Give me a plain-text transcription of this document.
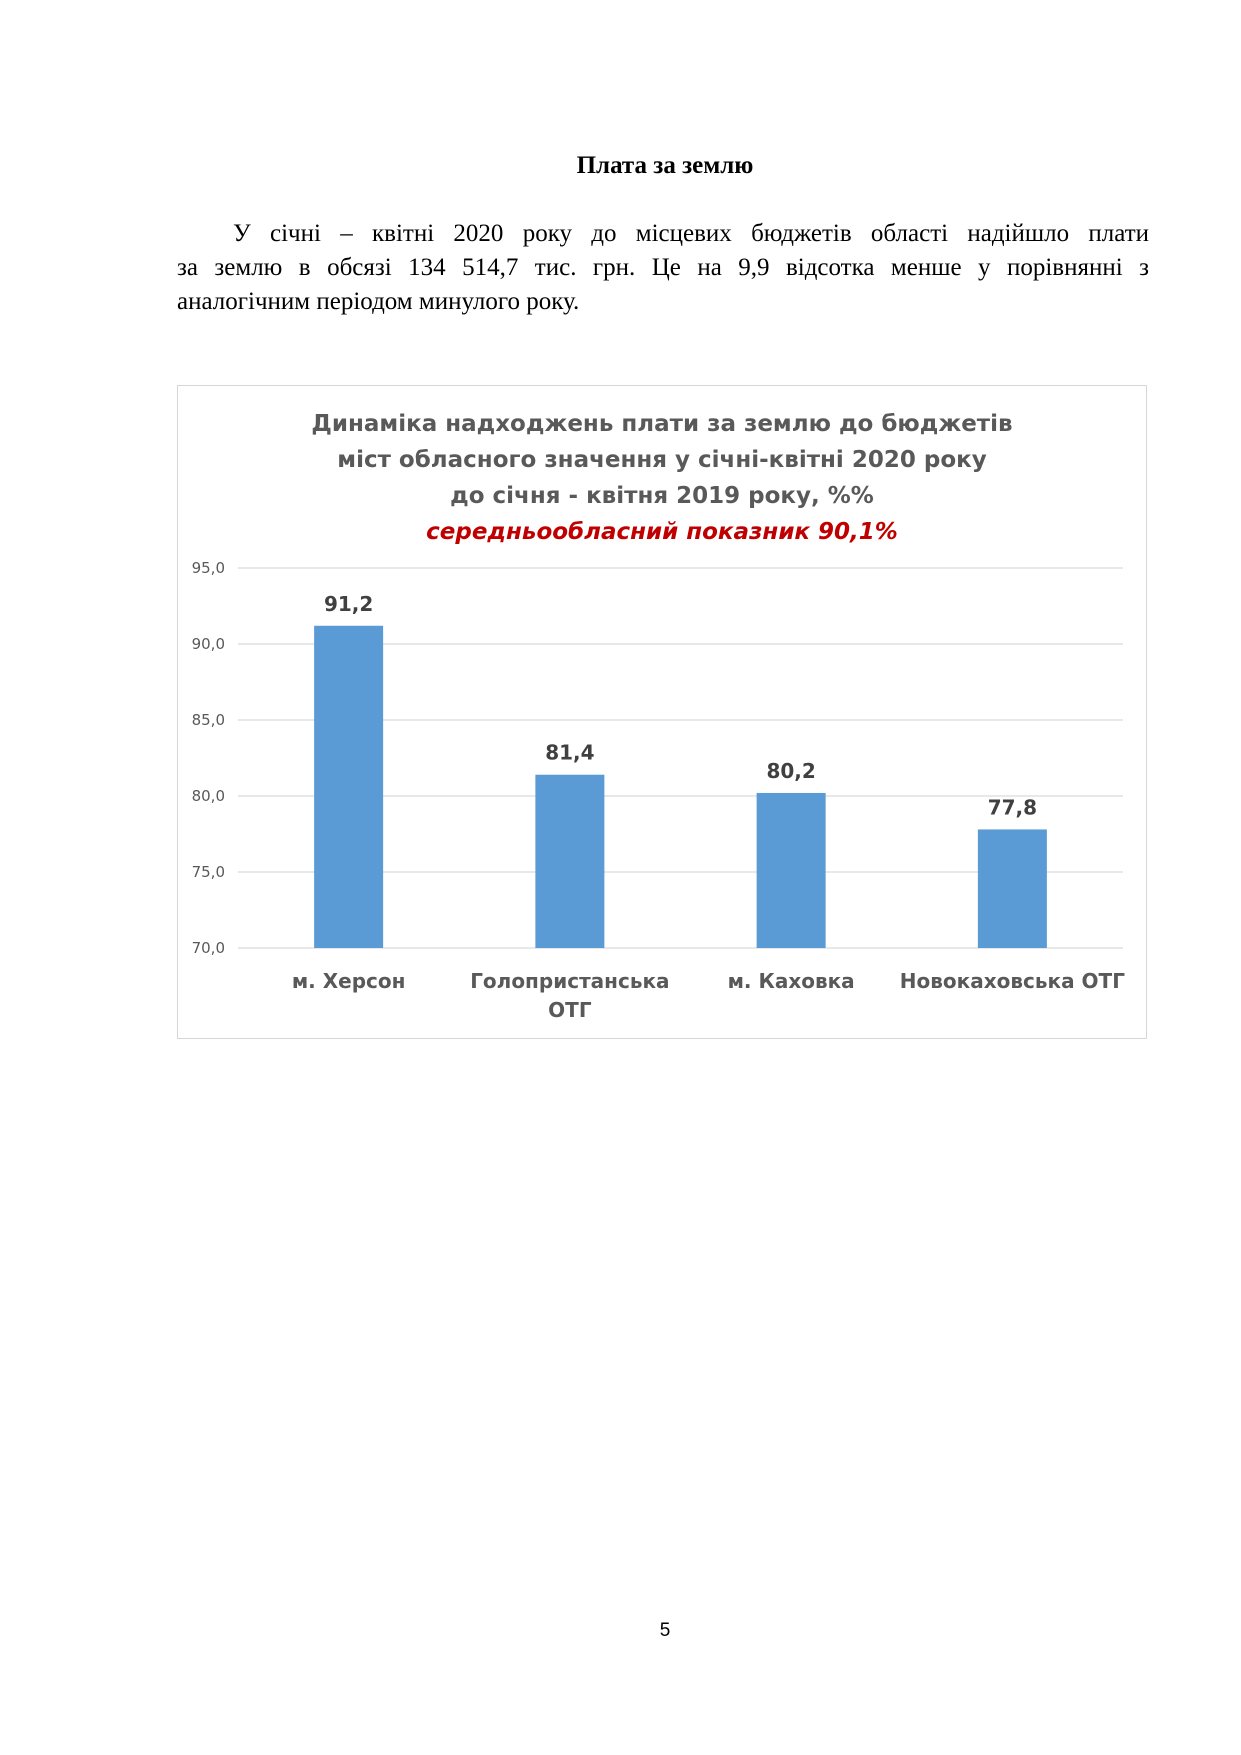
Плата за землю
У січні – квітні 2020 року до місцевих бюджетів області надійшло плати
за землю в обсязі 134 514,7 тис. грн. Це на 9,9 відсотка менше у порівнянні з
аналогічним періодом минулого року.
Динаміка надходжень плати за землю до бюджетів
міст обласного значення у січні-квітні 2020 року
до січня - квітня 2019 року, %%
середньообласний показник 90,1%
70,0
75,0
80,0
85,0
90,0
95,0
91,2
м. Херсон
81,4
Голопристанська ОТГ
80,2
м. Каховка
77,8
Новокаховська ОТГ
5
